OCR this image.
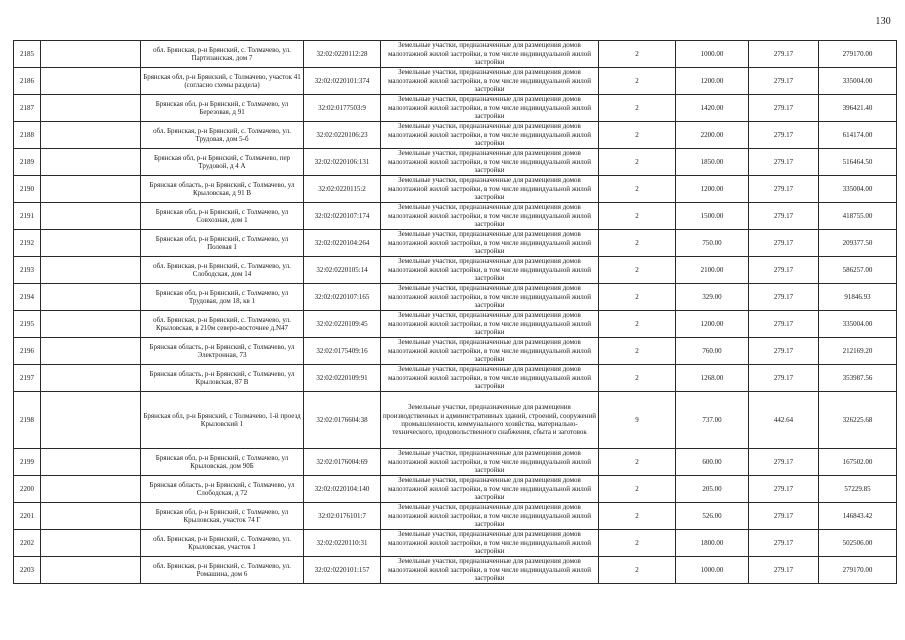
130
2185		обл. Брянская, р-н Брянский, с. Толмачево, ул. Партизанская, дом 7	32:02:0220112:28	Земельные участки, предназначенные для размещения домов малоэтажной жилой застройки, в том числе индивидуальной жилой застройки	2	1000.00	279.17	279170.00
2186		Брянская обл, р-н Брянский, с Толмачево, участок 41 (согласно схемы раздела)	32:02:0220101:374	Земельные участки, предназначенные для размещения домов малоэтажной жилой застройки, в том числе индивидуальной жилой застройки	2	1200.00	279.17	335004.00
2187		Брянская обл, р-н Брянский, с Толмачево, ул Березовая, д 91	32:02:0177503:9	Земельные участки, предназначенные для размещения домов малоэтажной жилой застройки, в том числе индивидуальной жилой застройки	2	1420.00	279.17	396421.40
2188		обл. Брянская, р-н Брянский, с. Толмачево, ул. Трудовая, дом 5-б	32:02:0220106:23	Земельные участки, предназначенные для размещения домов малоэтажной жилой застройки, в том числе индивидуальной жилой застройки	2	2200.00	279.17	614174.00
2189		Брянская обл, р-н Брянский, с Толмачево, пер Трудовой, д 4 А	32:02:0220106:131	Земельные участки, предназначенные для размещения домов малоэтажной жилой застройки, в том числе индивидуальной жилой застройки	2	1850.00	279.17	516464.50
2190		Брянская область, р-н Брянский, с Толмачево, ул Крыловская, д 91 В	32:02:0220115:2	Земельные участки, предназначенные для размещения домов малоэтажной жилой застройки, в том числе индивидуальной жилой застройки	2	1200.00	279.17	335004.00
2191		Брянская обл, р-н Брянский, с Толмачево, ул Совхозная, дом 1	32:02:0220107:174	Земельные участки, предназначенные для размещения домов малоэтажной жилой застройки, в том числе индивидуальной жилой застройки	2	1500.00	279.17	418755.00
2192		Брянская обл, р-н Брянский, с Толмачево, ул Полевая 1	32:02:0220104:264	Земельные участки, предназначенные для размещения домов малоэтажной жилой застройки, в том числе индивидуальной жилой застройки	2	750.00	279.17	209377.50
2193		обл. Брянская, р-н Брянский, с. Толмачево, ул. Слободская, дом 14	32:02:0220105:14	Земельные участки, предназначенные для размещения домов малоэтажной жилой застройки, в том числе индивидуальной жилой застройки	2	2100.00	279.17	586257.00
2194		Брянская обл, р-н Брянский, с Толмачево, ул Трудовая, дом 18, кв 1	32:02:0220107:165	Земельные участки, предназначенные для размещения домов малоэтажной жилой застройки, в том числе индивидуальной жилой застройки	2	329.00	279.17	91846.93
2195		обл. Брянская, р-н Брянский, с. Толмачево, ул. Крыловская, в 210м северо-восточнее д.N47	32:02:0220109:45	Земельные участки, предназначенные для размещения домов малоэтажной жилой застройки, в том числе индивидуальной жилой застройки	2	1200.00	279.17	335004.00
2196		Брянская область, р-н Брянский, с Толмачево, ул Электронная, 73	32:02:0175409:16	Земельные участки, предназначенные для размещения домов малоэтажной жилой застройки, в том числе индивидуальной жилой застройки	2	760.00	279.17	212169.20
2197		Брянская область, р-н Брянский, с Толмачево, ул Крыловская, 87 В	32:02:0220109:91	Земельные участки, предназначенные для размещения домов малоэтажной жилой застройки, в том числе индивидуальной жилой застройки	2	1268.00	279.17	353987.56
2198		Брянская обл, р-н Брянский, с Толмачево, 1-й проезд Крыловский 1	32:02:0176604:38	Земельные участки, предназначенные для размещения производственных и административных зданий, строений, сооружений промышленности, коммунального хозяйства, материально-технического, продовольственного снабжения, сбыта и заготовок	9	737.00	442.64	326225.68
2199		Брянская обл, р-н Брянский, с Толмачево, ул Крыловская, дом 90Б	32:02:0176004:69	Земельные участки, предназначенные для размещения домов малоэтажной жилой застройки, в том числе индивидуальной жилой застройки	2	600.00	279.17	167502.00
2200		Брянская область, р-н Брянский, с Толмачево, ул Слободская, д 72	32:02:0220104:140	Земельные участки, предназначенные для размещения домов малоэтажной жилой застройки, в том числе индивидуальной жилой застройки	2	205.00	279.17	57229.85
2201		Брянская обл, р-н Брянский, с Толмачево, ул Крыловская, участок 74 Г	32:02:0176101:7	Земельные участки, предназначенные для размещения домов малоэтажной жилой застройки, в том числе индивидуальной жилой застройки	2	526.00	279.17	146843.42
2202		обл. Брянская, р-н Брянский, с. Толмачево, ул. Крыловская, участок 1	32:02:0220110:31	Земельные участки, предназначенные для размещения домов малоэтажной жилой застройки, в том числе индивидуальной жилой застройки	2	1800.00	279.17	502506.00
2203		обл. Брянская, р-н Брянский, с. Толмачево, ул. Ромашина, дом 6	32:02:0220101:157	Земельные участки, предназначенные для размещения домов малоэтажной жилой застройки, в том числе индивидуальной жилой застройки	2	1000.00	279.17	279170.00
